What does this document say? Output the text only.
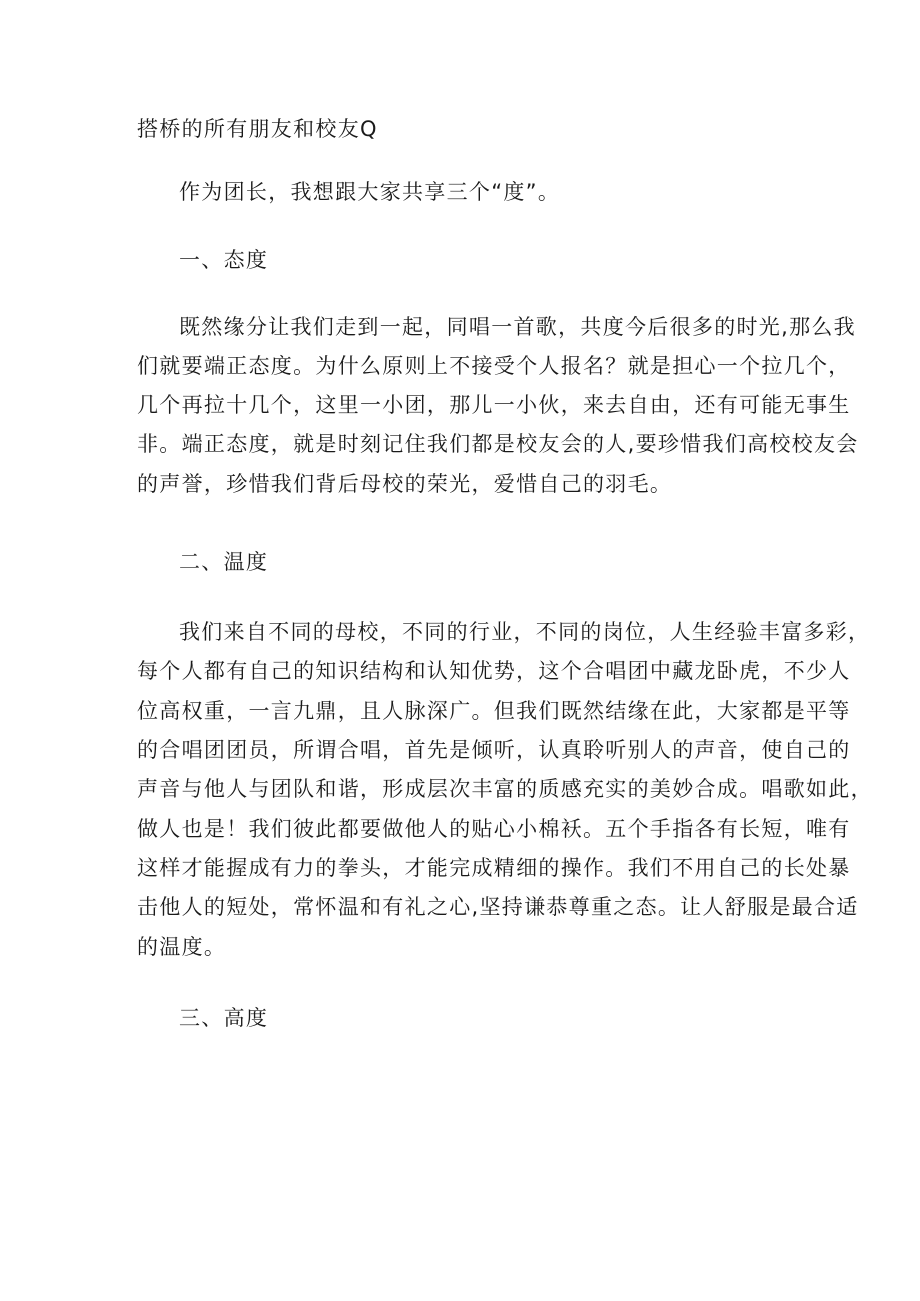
搭桥的所有朋友和校友Q
作为团长，我想跟大家共享三个“度”。
一、态度
既然缘分让我们走到一起，同唱一首歌，共度今后很多的时光,那么我
们就要端正态度。为什么原则上不接受个人报名？就是担心一个拉几个，
几个再拉十几个，这里一小团，那儿一小伙，来去自由，还有可能无事生
非。端正态度，就是时刻记住我们都是校友会的人,要珍惜我们高校校友会
的声誉，珍惜我们背后母校的荣光，爱惜自己的羽毛。
二、温度
我们来自不同的母校，不同的行业，不同的岗位，人生经验丰富多彩，
每个人都有自己的知识结构和认知优势，这个合唱团中藏龙卧虎，不少人
位高权重，一言九鼎，且人脉深广。但我们既然结缘在此，大家都是平等
的合唱团团员，所谓合唱，首先是倾听，认真聆听别人的声音，使自己的
声音与他人与团队和谐，形成层次丰富的质感充实的美妙合成。唱歌如此，
做人也是！我们彼此都要做他人的贴心小棉袄。五个手指各有长短，唯有
这样才能握成有力的拳头，才能完成精细的操作。我们不用自己的长处暴
击他人的短处，常怀温和有礼之心,坚持谦恭尊重之态。让人舒服是最合适
的温度。
三、高度
